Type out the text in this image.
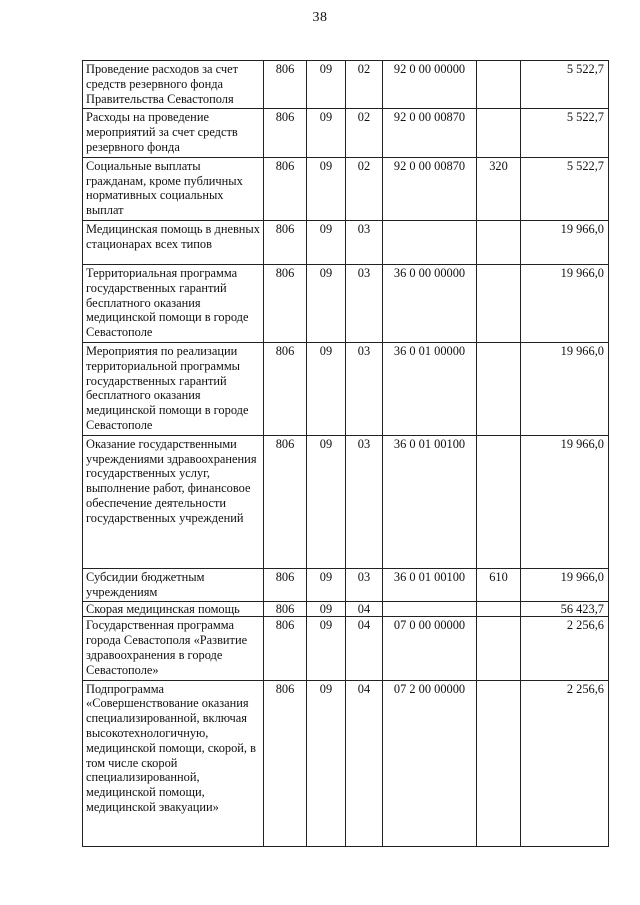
38
Проведение расходов за счет средств резервного фонда Правительства Севастополя	806	09	02	92 0 00 00000		5 522,7

Расходы на проведение мероприятий за счет средств резервного фонда	806	09	02	92 0 00 00870		5 522,7

Социальные выплаты гражданам, кроме публичных нормативных социальных выплат	806	09	02	92 0 00 00870	320	5 522,7

Медицинская помощь в дневных стационарах всех типов	806	09	03			19 966,0

Территориальная программа государственных гарантий бесплатного оказания медицинской помощи в городе Севастополе	806	09	03	36 0 00 00000		19 966,0

Мероприятия по реализации территориальной программы государственных гарантий бесплатного оказания медицинской помощи в городе Севастополе	806	09	03	36 0 01 00000		19 966,0

Оказание государственными учреждениями здравоохранения государственных услуг, выполнение работ, финансовое обеспечение деятельности государственных учреждений	806	09	03	36 0 01 00100		19 966,0

Субсидии бюджетным учреждениям	806	09	03	36 0 01 00100	610	19 966,0

Скорая медицинская помощь	806	09	04			56 423,7

Государственная программа города Севастополя «Развитие здравоохранения в городе Севастополе»	806	09	04	07 0 00 00000		2 256,6

Подпрограмма «Совершенствование оказания специализированной, включая высокотехнологичную, медицинской помощи, скорой, в том числе скорой специализированной, медицинской помощи, медицинской эвакуации»	806	09	04	07 2 00 00000		2 256,6
